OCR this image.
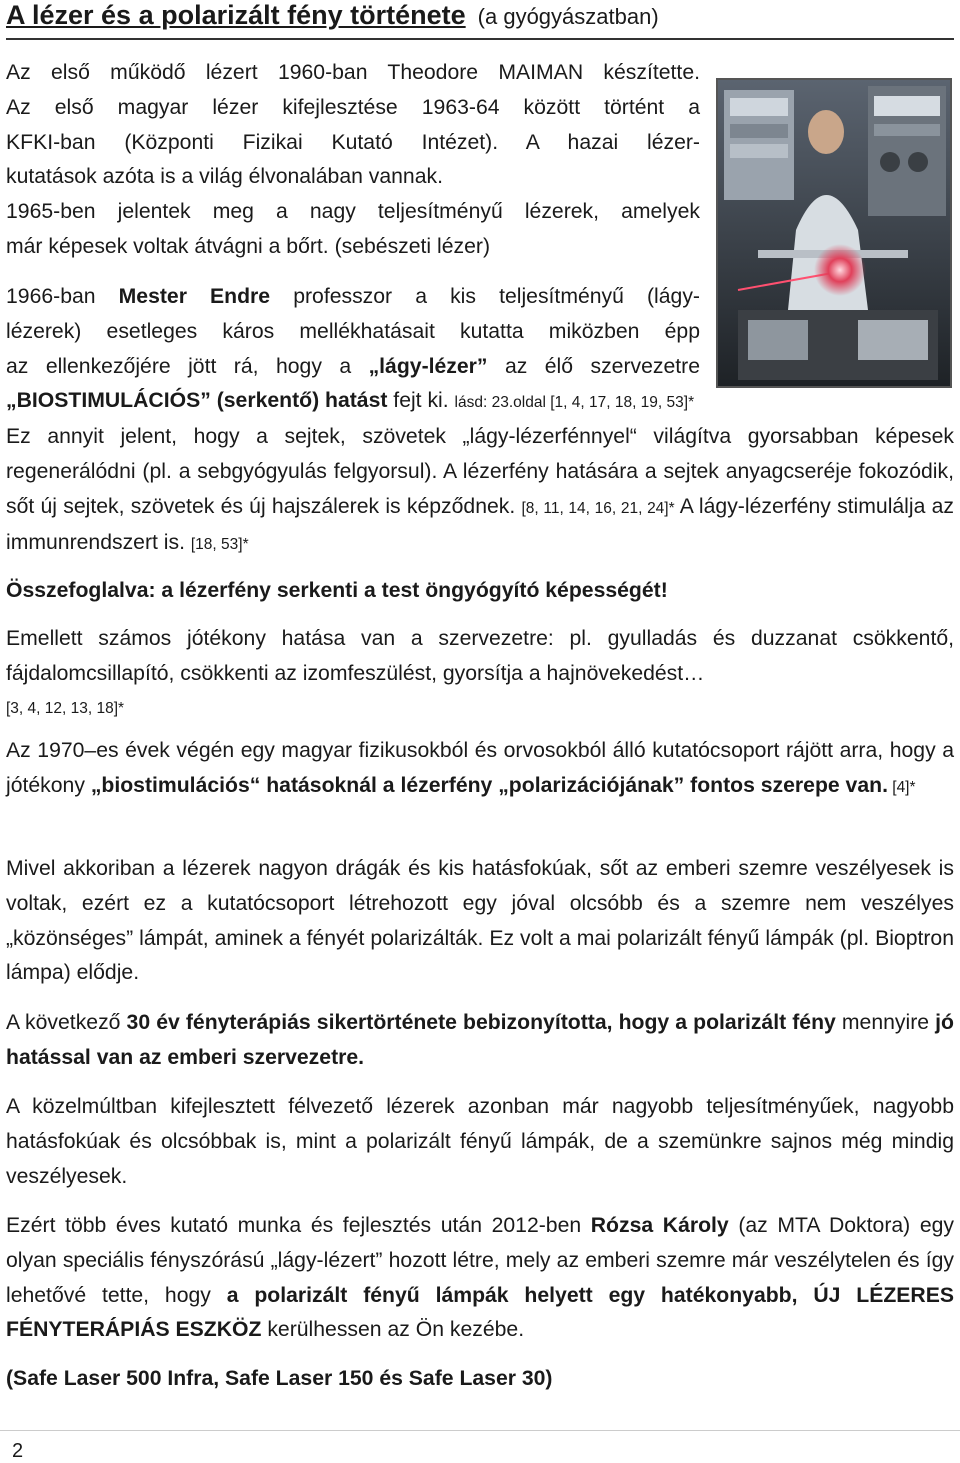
A lézer és a polarizált fény története (a gyógyászatban)
Az első működő lézert 1960-ban Theodore MAIMAN készítette.
Az első magyar lézer kifejlesztése 1963-64 között történt a
KFKI-ban (Központi Fizikai Kutató Intézet). A hazai lézer-
kutatások azóta is a világ élvonalában vannak.
1965-ben jelentek meg a nagy teljesítményű lézerek, amelyek
már képesek voltak átvágni a bőrt. (sebészeti lézer)
1966-ban Mester Endre professzor a kis teljesítményű (lágy-
lézerek) esetleges káros mellékhatásait kutatta miközben épp
az ellenkezőjére jött rá, hogy a „lágy-lézer” az élő szervezetre
„BIOSTIMULÁCIÓS” (serkentő) hatást fejt ki. lásd: 23.oldal [1, 4, 17, 18, 19, 53]*

Ez annyit jelent, hogy a sejtek, szövetek „lágy-lézerfénnyel“ világítva gyorsabban képesek regenerálódni (pl. a sebgyógyulás felgyorsul). A lézerfény hatására a sejtek anyagcseréje fokozódik, sőt új sejtek, szövetek és új hajszálerek is képződnek. [8, 11, 14, 16, 21, 24]* A lágy-lézerfény stimulálja az immunrendszert is. [18, 53]*

Összefoglalva: a lézerfény serkenti a test öngyógyító képességét!

Emellett számos jótékony hatása van a szervezetre: pl. gyulladás és duzzanat csökkentő, fájdalomcsillapító, csökkenti az izomfeszülést, gyorsítja a hajnövekedést…
[3, 4, 12, 13, 18]*

Az 1970–es évek végén egy magyar fizikusokból és orvosokból álló kutatócsoport rájött arra, hogy a jótékony „biostimulációs“ hatásoknál a lézerfény „polarizációjának” fontos szerepe van. [4]*

Mivel akkoriban a lézerek nagyon drágák és kis hatásfokúak, sőt az emberi szemre veszélyesek is voltak, ezért ez a kutatócsoport létrehozott egy jóval olcsóbb és a szemre nem veszélyes „közönséges” lámpát, aminek a fényét polarizálták. Ez volt a mai polarizált fényű lámpák (pl. Bioptron lámpa) elődje.

A következő 30 év fényterápiás sikertörténete bebizonyította, hogy a polarizált fény mennyire jó hatással van az emberi szervezetre.

A közelmúltban kifejlesztett félvezető lézerek azonban már nagyobb teljesítményűek, nagyobb hatásfokúak és olcsóbbak is, mint a polarizált fényű lámpák, de a szemünkre sajnos még mindig veszélyesek.

Ezért több éves kutató munka és fejlesztés után 2012-ben Rózsa Károly (az MTA Doktora) egy olyan speciális fényszórású „lágy-lézert” hozott létre, mely az emberi szemre már veszélytelen és így lehetővé tette, hogy a polarizált fényű lámpák helyett egy hatékonyabb, ÚJ LÉZERES FÉNYTERÁPIÁS ESZKÖZ kerülhessen az Ön kezébe.

(Safe Laser 500 Infra, Safe Laser 150 és Safe Laser 30)

2
